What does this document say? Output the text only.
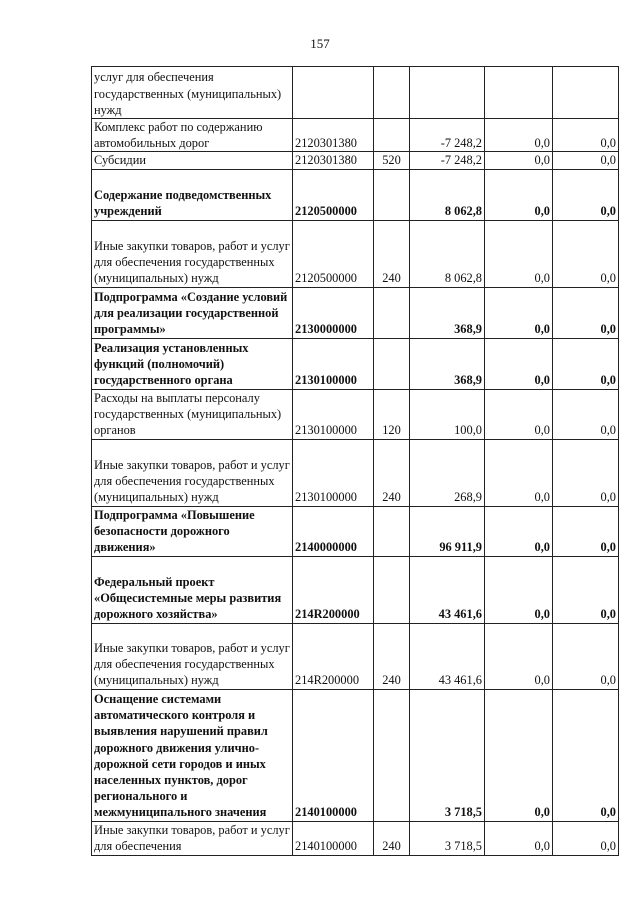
157
услуг для обеспечения государственных (муниципальных) нужд					
Комплекс работ по содержанию автомобильных дорог	2120301380		-7 248,2	0,0	0,0
Субсидии	2120301380	520	-7 248,2	0,0	0,0
Содержание подведомственных учреждений	2120500000		8 062,8	0,0	0,0
Иные закупки товаров, работ и услуг для обеспечения государственных (муниципальных) нужд	2120500000	240	8 062,8	0,0	0,0
Подпрограмма «Создание условий для реализации государственной программы»	2130000000		368,9	0,0	0,0
Реализация установленных функций (полномочий) государственного органа	2130100000		368,9	0,0	0,0
Расходы на выплаты персоналу государственных (муниципальных) органов	2130100000	120	100,0	0,0	0,0
Иные закупки товаров, работ и услуг для обеспечения государственных (муниципальных) нужд	2130100000	240	268,9	0,0	0,0
Подпрограмма «Повышение безопасности дорожного движения»	2140000000		96 911,9	0,0	0,0
Федеральный проект «Общесистемные меры развития дорожного хозяйства»	214R200000		43 461,6	0,0	0,0
Иные закупки товаров, работ и услуг для обеспечения государственных (муниципальных) нужд	214R200000	240	43 461,6	0,0	0,0
Оснащение системами автоматического контроля и выявления нарушений правил дорожного движения улично-дорожной сети городов и иных населенных пунктов, дорог регионального и межмуниципального значения	2140100000		3 718,5	0,0	0,0
Иные закупки товаров, работ и услуг для обеспечения	2140100000	240	3 718,5	0,0	0,0
